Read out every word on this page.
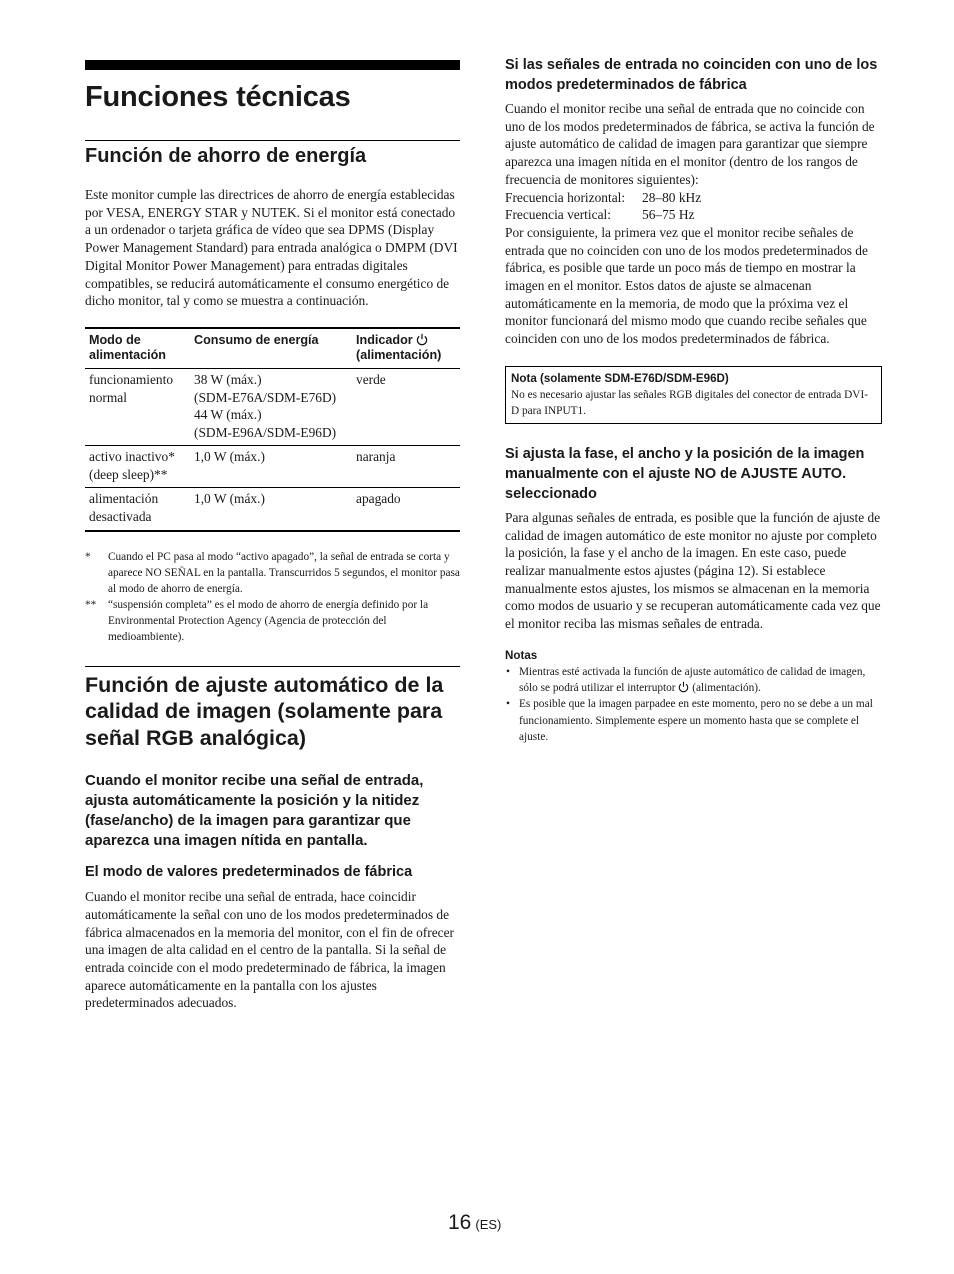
Funciones técnicas
Función de ahorro de energía

Este monitor cumple las directrices de ahorro de energía establecidas por VESA, ENERGY STAR y NUTEK. Si el monitor está conectado a un ordenador o tarjeta gráfica de vídeo que sea DPMS (Display Power Management Standard) para entrada analógica o DMPM (DVI Digital Monitor Power Management) para entradas digitales compatibles, se reducirá automáticamente el consumo energético de dicho monitor, tal y como se muestra a continuación.

Modo de alimentación	Consumo de energía	Indicador
(alimentación)
funcionamiento normal	38 W (máx.)
(SDM-E76A/SDM-E76D)
44 W (máx.)
(SDM-E96A/SDM-E96D)	verde
activo inactivo* (deep sleep)**	1,0 W (máx.)	naranja
alimentación desactivada	1,0 W (máx.)	apagado

* Cuando el PC pasa al modo “activo apagado”, la señal de entrada se corta y aparece NO SEÑAL en la pantalla. Transcurridos 5 segundos, el monitor pasa al modo de ahorro de energía.

** “suspensión completa” es el modo de ahorro de energía definido por la Environmental Protection Agency (Agencia de protección del medioambiente).

Función de ajuste automático de la calidad de imagen (solamente para señal RGB analógica)
Cuando el monitor recibe una señal de entrada, ajusta automáticamente la posición y la nitidez (fase/ancho) de la imagen para garantizar que aparezca una imagen nítida en pantalla.
El modo de valores predeterminados de fábrica

Cuando el monitor recibe una señal de entrada, hace coincidir automáticamente la señal con uno de los modos predeterminados de fábrica almacenados en la memoria del monitor, con el fin de ofrecer una imagen de alta calidad en el centro de la pantalla. Si la señal de entrada coincide con el modo predeterminado de fábrica, la imagen aparece automáticamente en la pantalla con los ajustes predeterminados adecuados.

Si las señales de entrada no coinciden con uno de los modos predeterminados de fábrica

Cuando el monitor recibe una señal de entrada que no coincide con uno de los modos predeterminados de fábrica, se activa la función de ajuste automático de calidad de imagen para garantizar que siempre aparezca una imagen nítida en el monitor (dentro de los rangos de frecuencia de monitores siguientes):

Frecuencia horizontal:	28–80 kHz
Frecuencia vertical:	56–75 Hz

Por consiguiente, la primera vez que el monitor recibe señales de entrada que no coinciden con uno de los modos predeterminados de fábrica, es posible que tarde un poco más de tiempo en mostrar la imagen en el monitor. Estos datos de ajuste se almacenan automáticamente en la memoria, de modo que la próxima vez el monitor funcionará del mismo modo que cuando recibe señales que coinciden con uno de los modos predeterminados de fábrica.

Nota (solamente SDM-E76D/SDM-E96D)

No es necesario ajustar las señales RGB digitales del conector de entrada DVI-D para INPUT1.

Si ajusta la fase, el ancho y la posición de la imagen manualmente con el ajuste NO de AJUSTE AUTO. seleccionado

Para algunas señales de entrada, es posible que la función de ajuste de calidad de imagen automático de este monitor no ajuste por completo la posición, la fase y el ancho de la imagen. En este caso, puede realizar manualmente estos ajustes (página 12). Si establece manualmente estos ajustes, los mismos se almacenan en la memoria como modos de usuario y se recuperan automáticamente cada vez que el monitor reciba las mismas señales de entrada.

Notas

• Mientras esté activada la función de ajuste automático de calidad de imagen, sólo se podrá utilizar el interruptor (alimentación).

• Es posible que la imagen parpadee en este momento, pero no se debe a un mal funcionamiento. Simplemente espere un momento hasta que se complete el ajuste.

16 (ES)
